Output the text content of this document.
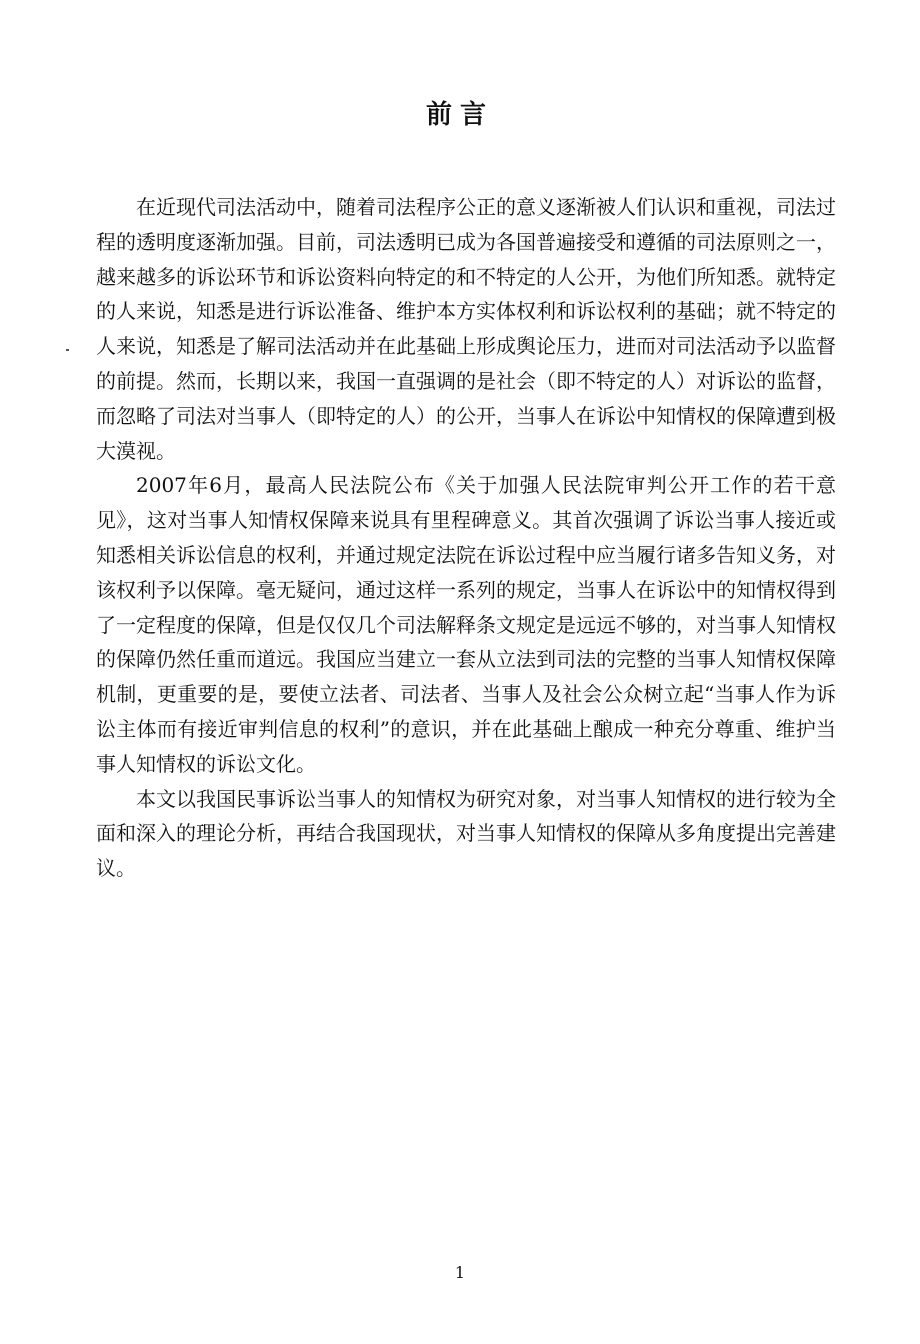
前言

在近现代司法活动中，随着司法程序公正的意义逐渐被人们认识和重视，司法过程的透明度逐渐加强。目前，司法透明已成为各国普遍接受和遵循的司法原则之一，越来越多的诉讼环节和诉讼资料向特定的和不特定的人公开，为他们所知悉。就特定的人来说，知悉是进行诉讼准备、维护本方实体权利和诉讼权利的基础；就不特定的人来说，知悉是了解司法活动并在此基础上形成舆论压力，进而对司法活动予以监督的前提。然而，长期以来，我国一直强调的是社会（即不特定的人）对诉讼的监督，而忽略了司法对当事人（即特定的人）的公开，当事人在诉讼中知情权的保障遭到极大漠视。

2007年6月，最高人民法院公布《关于加强人民法院审判公开工作的若干意见》，这对当事人知情权保障来说具有里程碑意义。其首次强调了诉讼当事人接近或知悉相关诉讼信息的权利，并通过规定法院在诉讼过程中应当履行诸多告知义务，对该权利予以保障。毫无疑问，通过这样一系列的规定，当事人在诉讼中的知情权得到了一定程度的保障，但是仅仅几个司法解释条文规定是远远不够的，对当事人知情权的保障仍然任重而道远。我国应当建立一套从立法到司法的完整的当事人知情权保障机制，更重要的是，要使立法者、司法者、当事人及社会公众树立起“当事人作为诉讼主体而有接近审判信息的权利”的意识，并在此基础上酿成一种充分尊重、维护当事人知情权的诉讼文化。

本文以我国民事诉讼当事人的知情权为研究对象，对当事人知情权的进行较为全面和深入的理论分析，再结合我国现状，对当事人知情权的保障从多角度提出完善建议。

1
